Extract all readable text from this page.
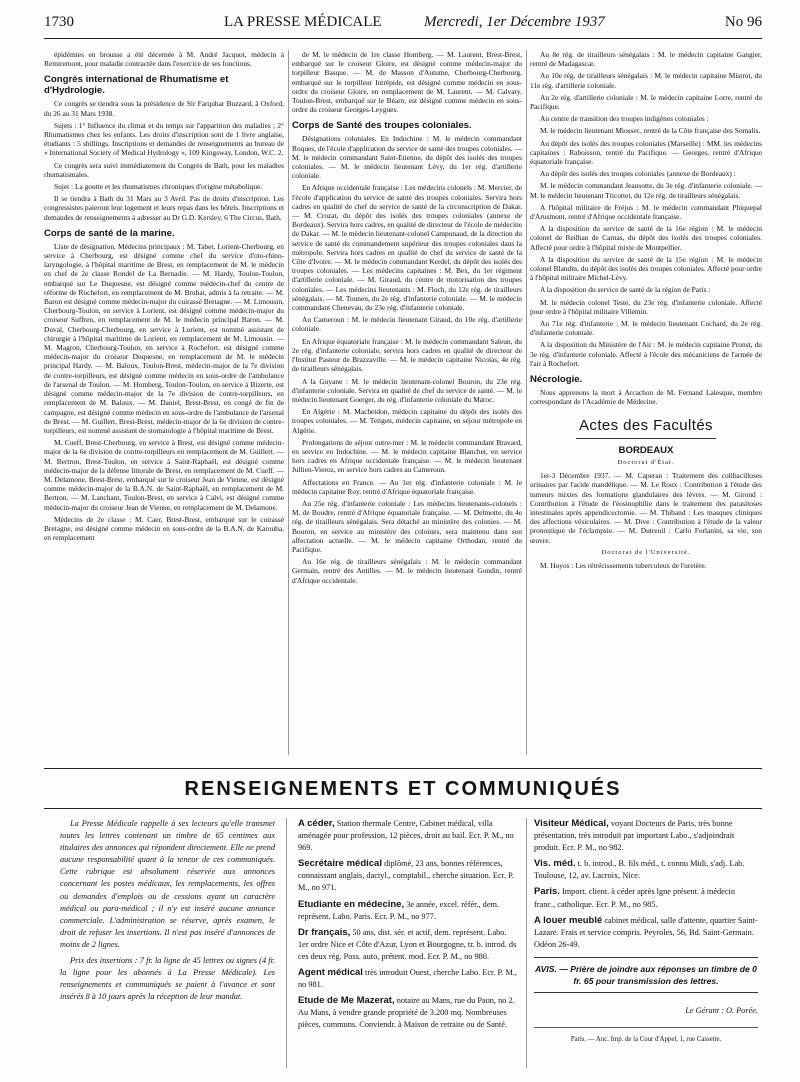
1730	LA PRESSE MÉDICALE	Mercredi, 1er Décembre 1937	No 96

épidémies en brousse a été décernée à M. André Jacquot, médecin à Remiremont, pour maladie contractée dans l'exercice de ses fonctions.

Congrès international de Rhumatisme et d'Hydrologie.

Ce congrès se tiendra sous la présidence de Sir Farquhar Buzzard, à Oxford, du 26 au 31 Mars 1938.

Sujets : 1° Influence du climat et du temps sur l'apparition des maladies ; 2° Rhumatismes chez les enfants. Les droits d'inscription sont de 1 livre anglaise, étudiants : 5 shillings. Inscriptions et demandes de renseignements au bureau de « International Society of Medical Hydrology », 109 Kingsway, London, W.C. 2.

Ce congrès sera suivi immédiatement du Congrès de Bath, pour les maladies rhumatismales.

Sujet : La goutte et les rhumatismes chroniques d'origine métabolique.

Il se tiendra à Bath du 31 Mars au 3 Avril. Pas de droits d'inscription. Les congressistes paieront leur logement et leurs repas dans les hôtels. Inscriptions et demandes de renseignements à adresser au Dr G.D. Kersley, 6 The Circus, Bath.

Corps de santé de la marine.

Liste de désignation. Médecins principaux : M. Tabet, Lorient-Cherbourg, en service à Cherbourg, est désigné comme chef du service d'oto-rhino-laryngologie, à l'hôpital maritime de Brest, en remplacement de M. le médecin en chef de 2e classe Rondel de La Bernadie. — M. Hardy, Toulon-Toulon, embarqué sur Le Duquesne, est désigné comme médecin-chef du centre de réforme de Rochefort, en remplacement de M. Bruhat, admis à la retraite. — M. Baron est désigné comme médecin-major du cuirassé Bretagne. — M. Limousin, Cherbourg-Toulon, en service à Lorient, est désigné comme médecin-major du croiseur Suffren, en remplacement de M. le médecin principal Baron. — M. Duval, Cherbourg-Cherbourg, en service à Lorient, est nommé assistant de chirurgie à l'hôpital maritime de Lorient, en remplacement de M. Limousin. — M. Magron, Cherbourg-Toulon, en service à Rochefort, est désigné comme médecin-major du croiseur Duquesne, en remplacement de M. le médecin principal Hardy. — M. Baloux, Toulon-Brest, médecin-major de la 7e division de contre-torpilleurs, est désigné comme médecin en sous-ordre de l'ambulance de l'arsenal de Toulon. — M. Homberg, Toulon-Toulon, en service à Bizerte, est désigné comme médecin-major de la 7e division de contre-torpilleurs, en remplacement de M. Baloux. — M. Daniel, Brest-Brest, en congé de fin de campagne, est désigné comme médecin en sous-ordre de l'ambulance de l'arsenal de Brest. — M. Guillert, Brest-Brest, médecin-major de la 6e division de contre-torpilleurs, est nommé assistant de stomatologie à l'hôpital maritime de Brest.

M. Cueff, Brest-Cherbourg, en service à Brest, est désigné comme médecin-major de la 6e division de contre-torpilleurs en remplacement de M. Guillert. — M. Bertron, Brest-Toulon, en service à Saint-Raphaël, est désigné comme médecin-major de la défense littorale de Brest, en remplacement de M. Cueff. — M. Delamone, Brest-Brest, embarqué sur le croiseur Jean de Vienne, est désigné comme médecin-major de la B.A.N. de Saint-Raphaël, en remplacement de M. Bertron. — M. Lanchant, Toulon-Brest, en service à Calvi, est désigné comme médecin-major du croiseur Jean de Vienne, en remplacement de M. Delamone.

Médecins de 2e classe : M. Caer, Brest-Brest, embarqué sur le cuirassé Bretagne, est désigné comme médecin en sous-ordre de la B.A.N. de Karouba, en remplacement

de M. le médecin de 1re classe Homberg. — M. Laurent, Brest-Brest, embarqué sur le croiseur Gloire, est désigné comme médecin-major du torpilleur Basque. — M. de Masson d'Autume, Cherbourg-Cherbourg, embarqué sur le torpilleur Intrépide, est désigné comme médecin en sous-ordre du croiseur Gloire, en remplacement de M. Laurent. — M. Calvary, Toulon-Brest, embarqué sur le Béarn, est désigné comme médecin en sous-ordre du croiseur Georges-Leygues.

Corps de Santé des troupes coloniales.

Désignations coloniales. En Indochine : M. le médecin commandant Roques, de l'école d'application du service de santé des troupes coloniales. — M. le médecin commandant Saint-Etienne, du dépôt des isolés des troupes coloniales. — M. le médecin lieutenant Lévy, du 1er rég. d'artillerie coloniale.

En Afrique occidentale française : Les médecins colonels : M. Mercier, de l'école d'application du service de santé des troupes coloniales. Servira hors cadres en qualité de chef du service de santé de la circonscription de Dakar. — M. Crozat, du dépôt des isolés des troupes coloniales (annexe de Bordeaux). Servira hors cadres, en qualité de directeur de l'école de médecine de Dakar. — M. le médecin lieutenant-colonel Campunaud, de la direction du service de santé du commandement supérieur des troupes coloniales dans la métropole. Servira hors cadres en qualité de chef du service de santé de la Côte d'Ivoire. — M. le médecin commandant Kerdel, du dépôt des isolés des troupes coloniales. — Les médecins capitaines : M. Bex, du 1er régiment d'artillerie coloniale. — M. Giraud, du centre de motorisation des troupes coloniales. — Les médecins lieutenants : M. Floch, du 12e rég. de tirailleurs sénégalais. — M. Tounen, du 2e rég. d'infanterie coloniale. — M. le médecin commandant Chenevau, du 23e rég. d'infanterie coloniale.

Au Cameroun : M. le médecin lieutenant Giraud, du 10e rég. d'artillerie coloniale.

En Afrique équatoriale française : M. le médecin commandant Saleun, du 2e rég. d'infanterie coloniale, servira hors cadres en qualité de directeur de l'Institut Pasteur de Brazzaville. — M. le médecin capitaine Nicolas, 4e rég. de tirailleurs sénégalais.

A la Guyane : M. le médecin lieutenant-colonel Bouron, du 23e rég. d'infanterie coloniale. Servira en qualité de chef du service de santé. — M. le médecin lieutenant Goerger, du rég. d'infanterie coloniale du Maroc.

En Algérie : M. Machetdon, médecin capitaine du dépôt des isolés des troupes coloniales. — M. Teitgen, médecin capitaine, en séjour métropole en Algérie.

Prolongations de séjour outre-mer : M. le médecin commandant Bravard, en service en Indochine. — M. le médecin capitaine Blanchet, en service hors cadres en Afrique occidentale française. — M. le médecin lieutenant Jullien-Vieroz, en service hors cadres au Cameroun.

Affectations en France. — Au 1er rég. d'infanterie coloniale : M. le médecin capitaine Roy, rentré d'Afrique équatoriale française.

Au 25e rég. d'infanterie coloniale : Les médecins lieutenants-colonels : M. de Boudre, rentré d'Afrique équatoriale française. — M. Delmotte, du 4e rég. de tirailleurs sénégalais. Sera détaché au ministère des colonies. — M. Bouron, en service au ministère des colonies, sera maintenu dans son affectation actuelle. — M. le médecin capitaine Orthodan, rentré du Pacifique.

Au 16e rég. de tirailleurs sénégalais : M. le médecin commandant Germain, rentré des Antilles. — M. le médecin lieutenant Gondin, rentré d'Afrique occidentale.

Au 8e rég. de tirailleurs sénégalais : M. le médecin capitaine Gangier, rentré de Madagascar.

Au 10e rég. de tirailleurs sénégalais : M. le médecin capitaine Mistrot, du 11e rég. d'artillerie coloniale.

Au 2e rég. d'artillerie coloniale : M. le médecin capitaine Lorre, rentré du Pacifique.

Au centre de transition des troupes indigènes coloniales :

M. le médecin lieutenant Miossec, rentré de la Côte française des Somalis.

Au dépôt des isolés des troupes coloniales (Marseille) : MM. les médecins capitaines : Raboisson, rentré du Pacifique. — Georges, rentré d'Afrique équatoriale française.

Au dépôt des isolés des troupes coloniales (annexe de Bordeaux) :

M. le médecin commandant Jeansotte, du 3e rég. d'infanterie coloniale. — M. le médecin lieutenant Tricottet, du 12e rég. de tirailleurs sénégalais.

A l'hôpital militaire de Fréjus : M. le médecin commandant Phiquepal d'Arusmont, rentré d'Afrique occidentale française.

A la disposition du service de santé de la 16e région : M. le médecin colonel de Reilhan de Carnas, du dépôt des isolés des troupes coloniales. Affecté pour ordre à l'hôpital mixte de Montpellier.

A la disposition du service de santé de la 15e région : M. le médecin colonel Blandin, du dépôt des isolés des troupes coloniales. Affecté pour ordre à l'hôpital militaire Michel-Lévy.

A la disposition du service de santé de la région de Paris :

M. le médecin colonel Teste, du 23e rég. d'infanterie coloniale. Affecté pour ordre à l'hôpital militaire Villemin.

Au 71e rég. d'infanterie : M. le médecin lieutenant Cochard, du 2e rég. d'infanterie coloniale.

A la disposition du Ministère de l'Air : M. le médecin capitaine Pronst, du 3e rég. d'infanterie coloniale. Affecté à l'école des mécaniciens de l'armée de l'air à Rochefort.

Nécrologie.

Nous apprenons la mort à Arcachon de M. Fernand Lalesque, membre correspondant de l'Académie de Médecine.

Actes des Facultés
BORDEAUX
Doctorat d'État.

1er-3 Décembre 1937. — M. Caperan : Traitement des colibacilloses urinaires par l'acide mandélique. — M. Le Roux : Contribution à l'étude des tumeurs mixtes des formations glandulaires des lèvres. — M. Girond : Contribution à l'étude de l'éosinophilie dans le traitement des parasitoses intestinales après appendicectomie. — M. Thiband : Les masques cliniques des affections vésiculaires. — M. Dive : Contribution à l'étude de la valeur pronostique de l'éclampsie. — M. Dutreuil : Carlo Forlanini, sa vie, son œuvre.

Doctorat de l'Université.

M. Hoyos : Les rétrécissements tuberculeux de l'uretère.

RENSEIGNEMENTS ET COMMUNIQUÉS

La Presse Médicale rappelle à ses lecteurs qu'elle transmet toutes les lettres contenant un timbre de 65 centimes aux titulaires des annonces qui répondent directement. Elle ne prend aucune responsabilité quant à la teneur de ces communiqués. Cette rubrique est absolument réservée aux annonces concernant les postes médicaux, les remplacements, les offres ou demandes d'emplois ou de cessions ayant un caractère médical ou para-médical ; il n'y est inséré aucune annonce commerciale. L'administration se réserve, après examen, le droit de refuser les insertions. Il n'est pas inséré d'annonces de moins de 2 lignes.

Prix des insertions : 7 fr. la ligne de 45 lettres ou signes (4 fr. la ligne pour les abonnés à La Presse Médicale). Les renseignements et communiqués se paient à l'avance et sont insérés 8 à 10 jours après la réception de leur mandat.

A céder, Station thermale Centre, Cabinet médical, villa aménagée pour profession, 12 pièces, droit au bail. Ecr. P. M., no 969.
Secrétaire médical diplômé, 23 ans, bonnes références, connaissant anglais, dactyl., comptabil., cherche situation. Ecr. P. M., no 971.
Etudiante en médecine, 3e année, excel. référ., dem. représent. Labo. Paris. Ecr. P. M., no 977.
Dr français, 50 ans, dist. sér. et actif, dem. représent. Labo. 1er ordre Nice et Côte d'Azur, Lyon et Bourgogne, tr. b. introd. ds ces deux rég. Poss. auto, prétent. mod. Ecr. P. M., no 980.
Agent médical très introduit Ouest, cherche Labo. Ecr. P. M., no 981.
Etude de Me Mazerat, notaire au Mans, rue du Paon, no 2. Au Mans, à vendre grande propriété de 3.200 mq. Nombreuses pièces, communs. Conviendr. à Maison de retraite ou de Santé.
Visiteur Médical, voyant Docteurs de Paris, très bonne présentation, très introduit par important Labo., s'adjoindrait produit. Ecr. P. M., no 982.
Vis. méd. t. b. introd., B. fils méd., t. connu Midi, s'adj. Lab. Toulouse, 12, av. Lacroix, Nice.
Paris. Import. client. à céder après lgne présent. à médecin franc., catholique. Ecr. P. M., no 985.
A louer meublé cabinet médical, salle d'attente, quartier Saint-Lazare. Frais et service compris. Peyroles, 56, Bd. Saint-Germain. Odéon 26-49.
AVIS. — Prière de joindre aux réponses un timbre de 0 fr. 65 pour transmission des lettres.
Le Gérant : O. Porée.
Paris. — Anc. Imp. de la Cour d'Appel, 1, rue Cassette.
